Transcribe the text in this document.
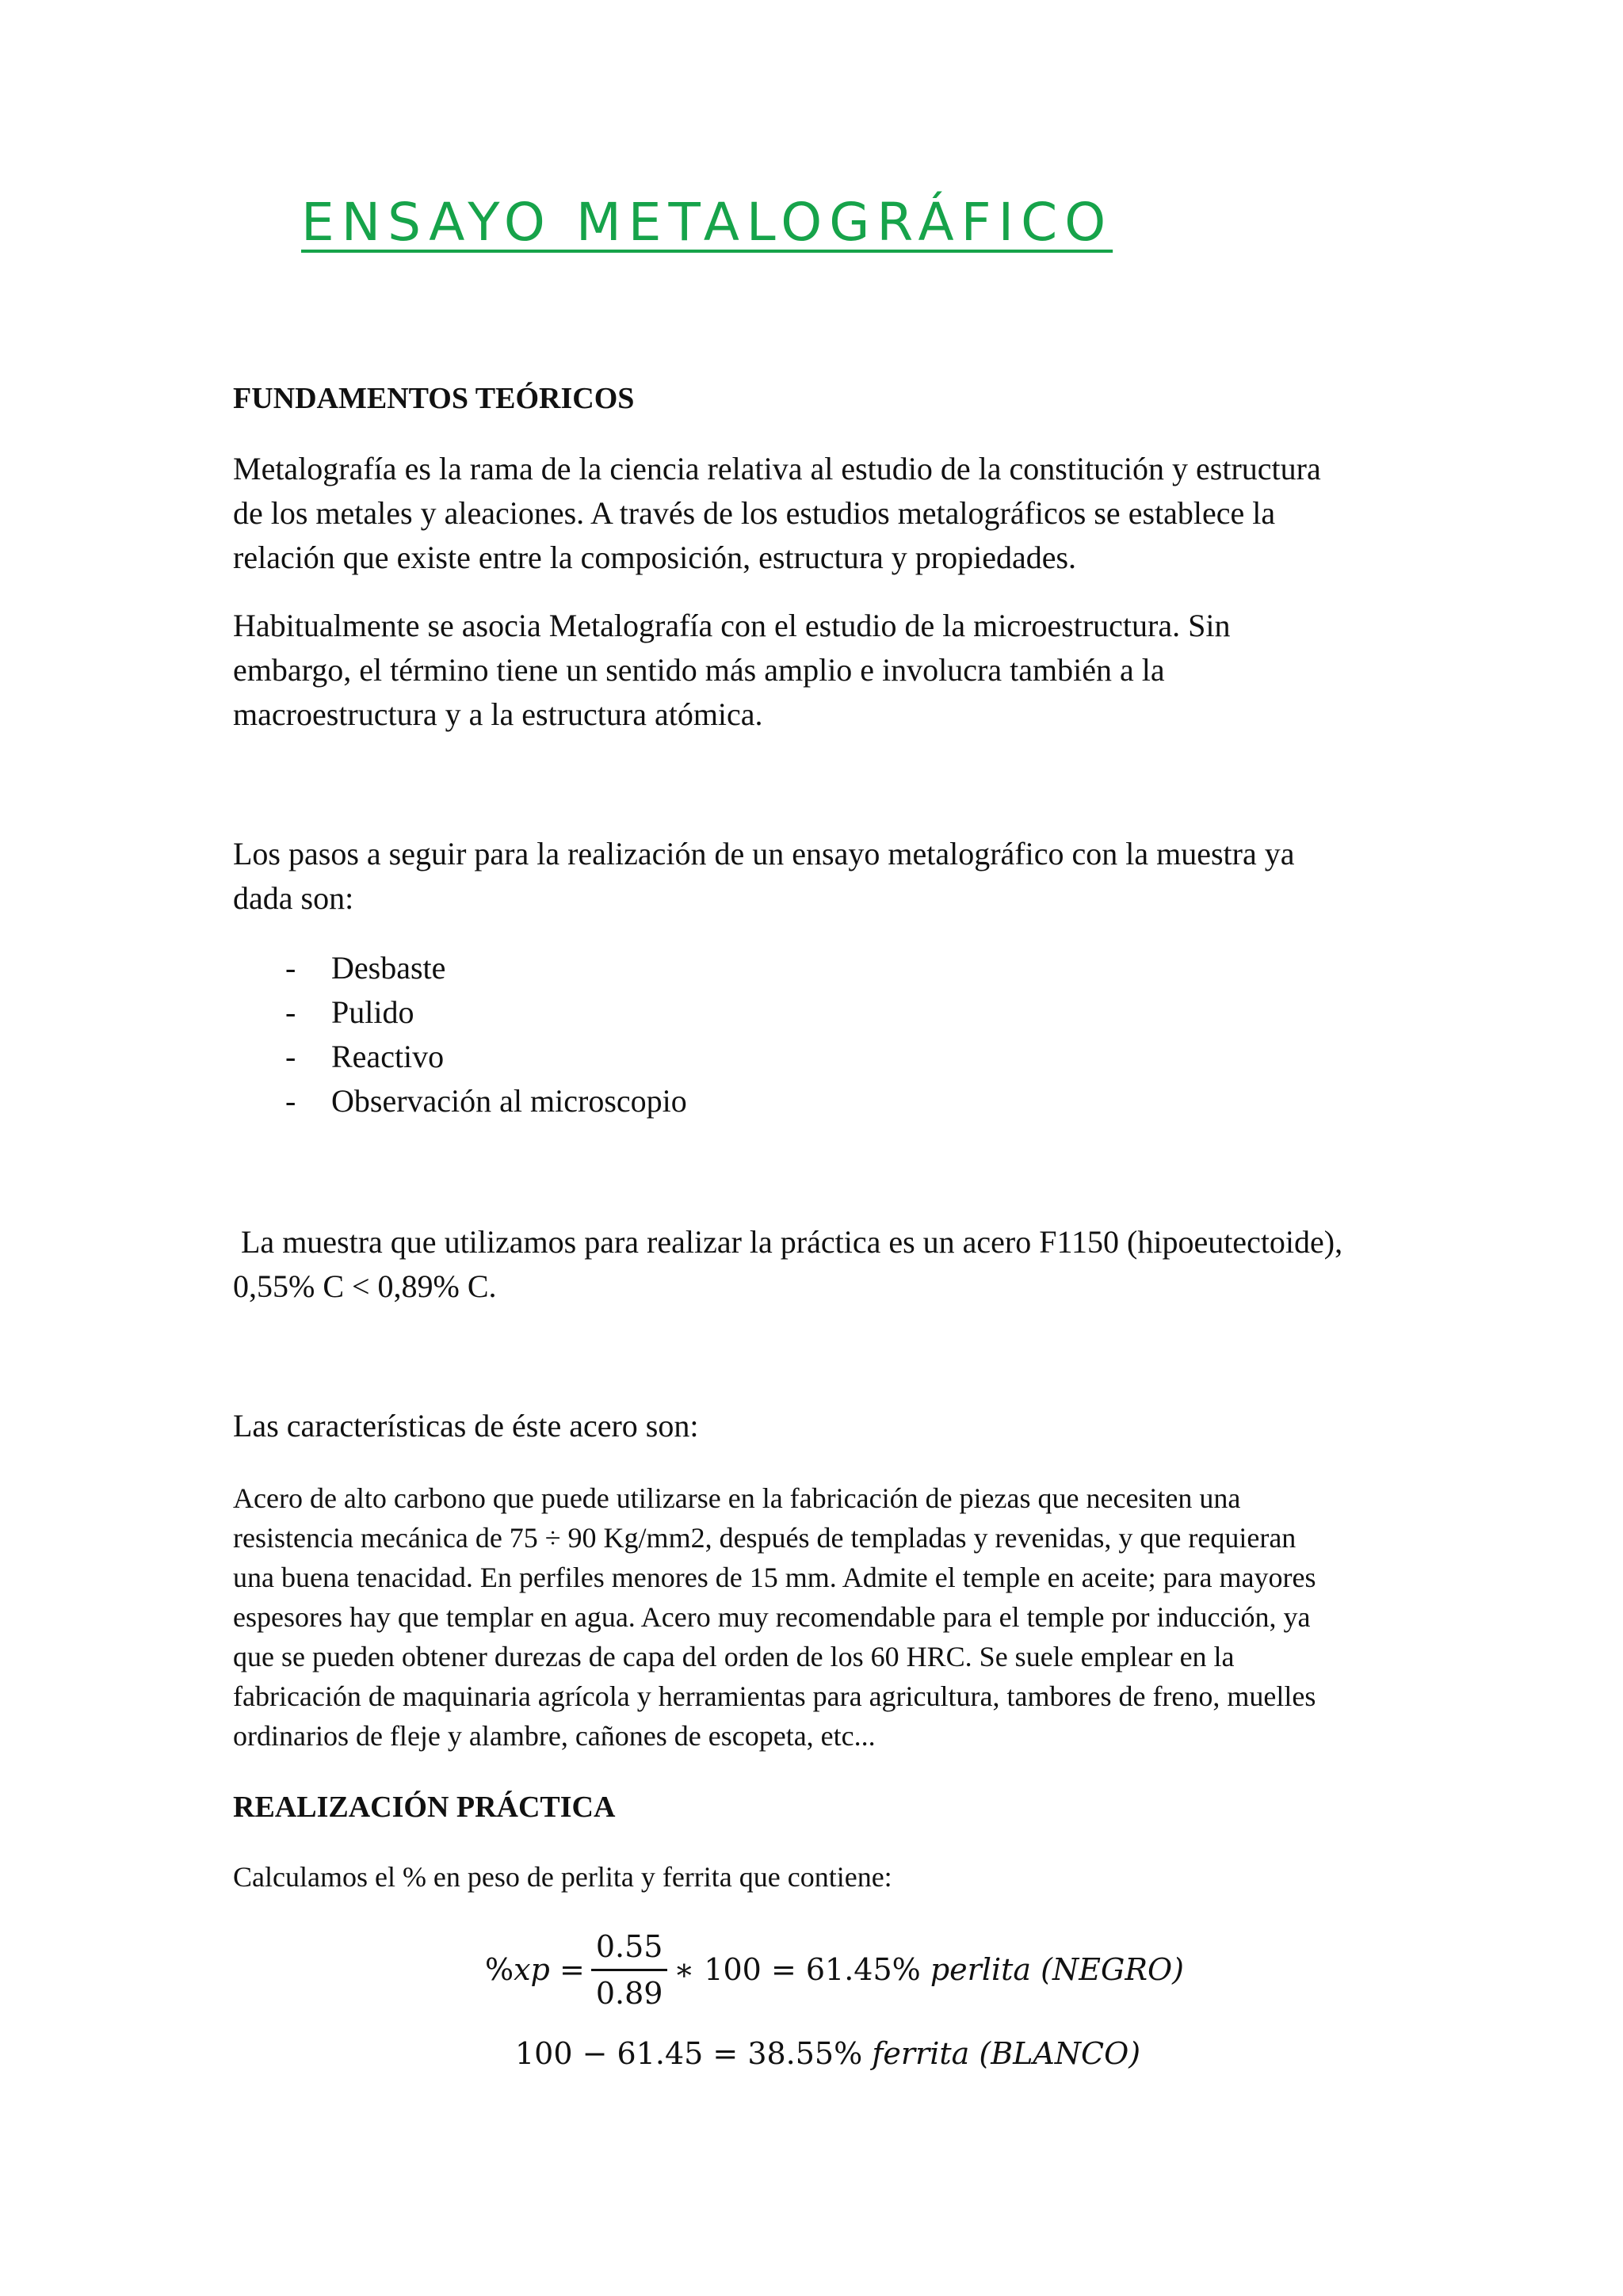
ENSAYO METALOGRÁFICO
FUNDAMENTOS TEÓRICOS

Metalografía es la rama de la ciencia relativa al estudio de la constitución y estructura
de los metales y aleaciones. A través de los estudios metalográficos se establece la
relación que existe entre la composición, estructura y propiedades.

Habitualmente se asocia Metalografía con el estudio de la microestructura. Sin
embargo, el término tiene un sentido más amplio e involucra también a la
macroestructura y a la estructura atómica.

Los pasos a seguir para la realización de un ensayo metalográfico con la muestra ya
dada son:

- Desbaste
- Pulido
- Reactivo
- Observación al microscopio

La muestra que utilizamos para realizar la práctica es un acero F1150 (hipoeutectoide),
0,55% C < 0,89% C.

Las características de éste acero son:

Acero de alto carbono que puede utilizarse en la fabricación de piezas que necesiten una
resistencia mecánica de 75 ÷ 90 Kg/mm2, después de templadas y revenidas, y que requieran
una buena tenacidad. En perfiles menores de 15 mm. Admite el temple en aceite; para mayores
espesores hay que templar en agua. Acero muy recomendable para el temple por inducción, ya
que se pueden obtener durezas de capa del orden de los 60 HRC. Se suele emplear en la
fabricación de maquinaria agrícola y herramientas para agricultura, tambores de freno, muelles
ordinarios de fleje y alambre, cañones de escopeta, etc...

REALIZACIÓN PRÁCTICA

Calculamos el % en peso de perlita y ferrita que contiene:

% xp
= $\frac{0.55}{0.89}$ ∗ 100 = 61.45%
perlita
(NEGRO)
100 − 61.45 = 38.55% ferrita (BLANCO)
